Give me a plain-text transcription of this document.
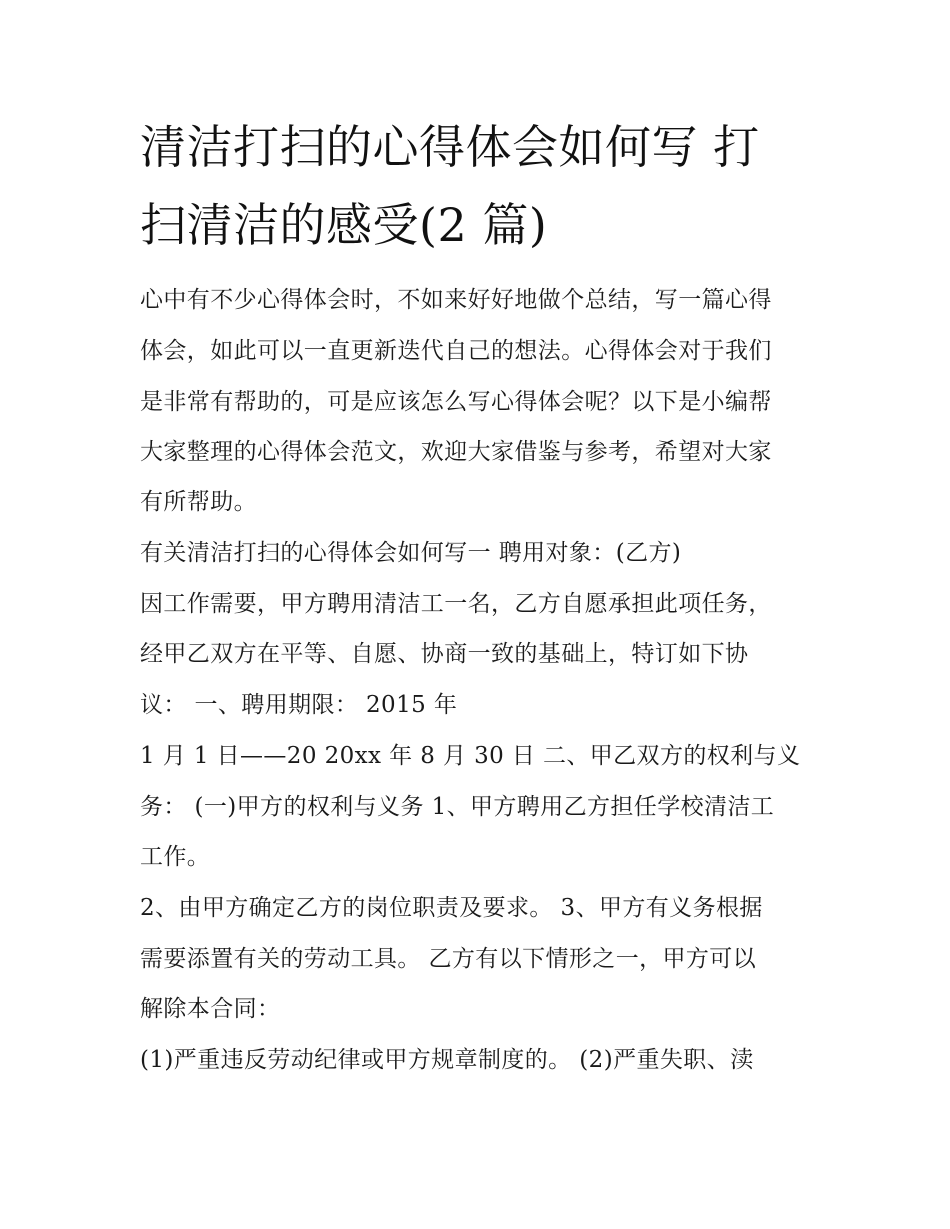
清洁打扫的心得体会如何写 打
扫清洁的感受(2 篇)
心中有不少心得体会时，不如来好好地做个总结，写一篇心得
体会，如此可以一直更新迭代自己的想法。心得体会对于我们
是非常有帮助的，可是应该怎么写心得体会呢？以下是小编帮
大家整理的心得体会范文，欢迎大家借鉴与参考，希望对大家
有所帮助。
有关清洁打扫的心得体会如何写一 聘用对象：(乙方)
因工作需要，甲方聘用清洁工一名，乙方自愿承担此项任务，
经甲乙双方在平等、自愿、协商一致的基础上，特订如下协
议： 一、聘用期限： 2015 年
1 月 1 日——20 20xx 年 8 月 30 日 二、甲乙双方的权利与义
务： (一)甲方的权利与义务 1、甲方聘用乙方担任学校清洁工
工作。
2、由甲方确定乙方的岗位职责及要求。 3、甲方有义务根据
需要添置有关的劳动工具。 乙方有以下情形之一，甲方可以
解除本合同：
(1)严重违反劳动纪律或甲方规章制度的。 (2)严重失职、渎
